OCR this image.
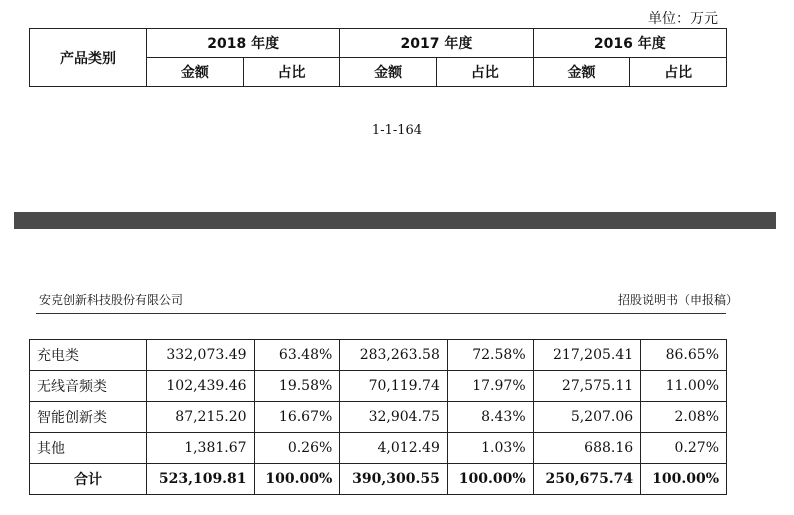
单位：万元
产品类别	2018 年度		2017 年度		2016 年度	
	金额	占比	金额	占比	金额	占比
1-1-164
安克创新科技股份有限公司	招股说明书（申报稿）
充电类	332,073.49	63.48%	283,263.58	72.58%	217,205.41	86.65%
无线音频类	102,439.46	19.58%	70,119.74	17.97%	27,575.11	11.00%
智能创新类	87,215.20	16.67%	32,904.75	8.43%	5,207.06	2.08%
其他	1,381.67	0.26%	4,012.49	1.03%	688.16	0.27%
合计	523,109.81	100.00%	390,300.55	100.00%	250,675.74	100.00%
